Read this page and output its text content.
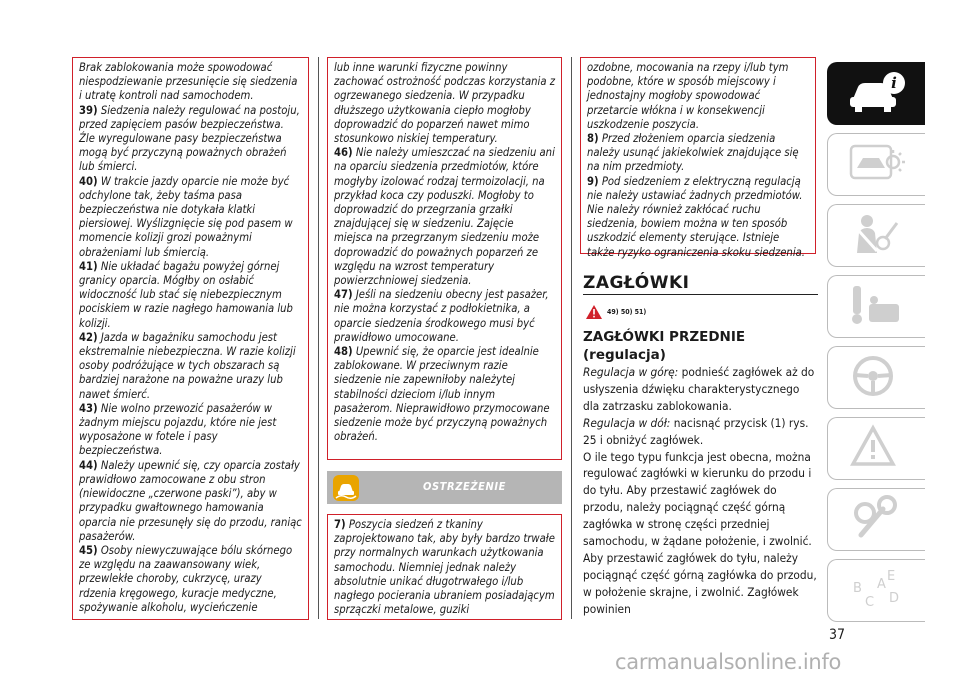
Brak zablokowania może spowodować niespodziewanie przesunięcie się siedzenia i utratę kontroli nad samochodem.

39) Siedzenia należy regulować na postoju, przed zapięciem pasów bezpieczeństwa. Źle wyregulowane pasy bezpieczeństwa mogą być przyczyną poważnych obrażeń lub śmierci.

40) W trakcie jazdy oparcie nie może być odchylone tak, żeby taśma pasa bezpieczeństwa nie dotykała klatki piersiowej. Wyślizgnięcie się pod pasem w momencie kolizji grozi poważnymi obrażeniami lub śmiercią.

41) Nie układać bagażu powyżej górnej granicy oparcia. Mógłby on osłabić widoczność lub stać się niebezpiecznym pociskiem w razie nagłego hamowania lub kolizji.

42) Jazda w bagażniku samochodu jest ekstremalnie niebezpieczna. W razie kolizji osoby podróżujące w tych obszarach są bardziej narażone na poważne urazy lub nawet śmierć.

43) Nie wolno przewozić pasażerów w żadnym miejscu pojazdu, które nie jest wyposażone w fotele i pasy bezpieczeństwa.

44) Należy upewnić się, czy oparcia zostały prawidłowo zamocowane z obu stron (niewidoczne „czerwone paski”), aby w przypadku gwałtownego hamowania oparcia nie przesunęły się do przodu, raniąc pasażerów.

45) Osoby niewyczuwające bólu skórnego ze względu na zaawansowany wiek, przewlekłe choroby, cukrzycę, urazy rdzenia kręgowego, kuracje medyczne, spożywanie alkoholu, wycieńczenie

lub inne warunki fizyczne powinny zachować ostrożność podczas korzystania z ogrzewanego siedzenia. W przypadku dłuższego użytkowania ciepło mogłoby doprowadzić do poparzeń nawet mimo stosunkowo niskiej temperatury.

46) Nie należy umieszczać na siedzeniu ani na oparciu siedzenia przedmiotów, które mogłyby izolować rodzaj termoizolacji, na przykład koca czy poduszki. Mogłoby to doprowadzić do przegrzania grzałki znajdującej się w siedzeniu. Zajęcie miejsca na przegrzanym siedzeniu może doprowadzić do poważnych poparzeń ze względu na wzrost temperatury powierzchniowej siedzenia.

47) Jeśli na siedzeniu obecny jest pasażer, nie można korzystać z podłokietnika, a oparcie siedzenia środkowego musi być prawidłowo umocowane.

48) Upewnić się, że oparcie jest idealnie zablokowane. W przeciwnym razie siedzenie nie zapewniłoby należytej stabilności dzieciom i/lub innym pasażerom. Nieprawidłowo przymocowane siedzenie może być przyczyną poważnych obrażeń.

OSTRZEŻENIE

7) Poszycia siedzeń z tkaniny zaprojektowano tak, aby były bardzo trwałe przy normalnych warunkach użytkowania samochodu. Niemniej jednak należy absolutnie unikać długotrwałego i/lub nagłego pocierania ubraniem posiadającym sprzączki metalowe, guziki

ozdobne, mocowania na rzepy i/lub tym podobne, które w sposób miejscowy i jednostajny mogłoby spowodować przetarcie włókna i w konsekwencji uszkodzenie poszycia.

8) Przed złożeniem oparcia siedzenia należy usunąć jakiekolwiek znajdujące się na nim przedmioty.

9) Pod siedzeniem z elektryczną regulacją nie należy ustawiać żadnych przedmiotów. Nie należy również zakłócać ruchu siedzenia, bowiem można w ten sposób uszkodzić elementy sterujące. Istnieje także ryzyko ograniczenia skoku siedzenia.

ZAGŁÓWKI
49) 50) 51)
ZAGŁÓWKI PRZEDNIE (regulacja)

Regulacja w górę: podnieść zagłówek aż do usłyszenia dźwięku charakterystycznego dla zatrzasku zablokowania.

Regulacja w dół: nacisnąć przycisk (1) rys. 25 i obniżyć zagłówek.

O ile tego typu funkcja jest obecna, można regulować zagłówki w kierunku do przodu i do tyłu. Aby przestawić zagłówek do przodu, należy pociągnąć część górną zagłówka w stronę części przedniej samochodu, w żądane położenie, i zwolnić. Aby przestawić zagłówek do tyłu, należy pociągnąć część górną zagłówka do przodu, w położenie skrajne, i zwolnić. Zagłówek powinien

i
B
C
E
D
A
37
carmanualsonline.info
